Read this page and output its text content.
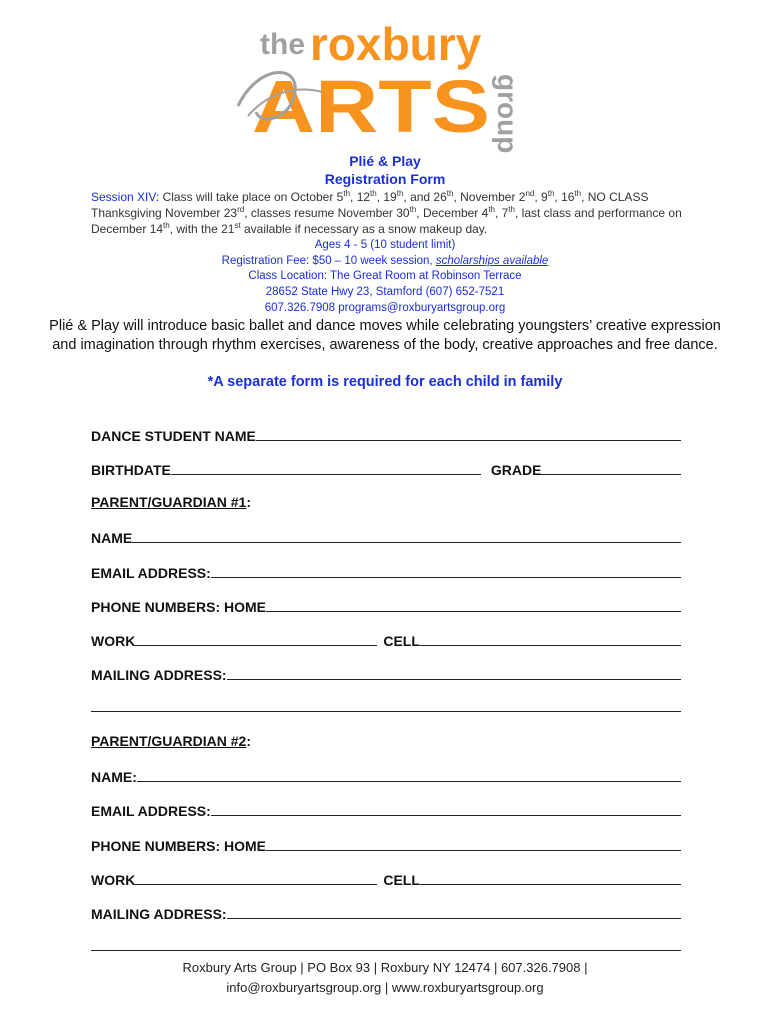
the roxbury
ARTS group
Plié & Play
Registration Form
Session XIV: Class will take place on October 5th, 12th, 19th, and 26th, November 2nd, 9th, 16th, NO CLASS Thanksgiving November 23rd, classes resume November 30th, December 4th, 7th, last class and performance on December 14th, with the 21st available if necessary as a snow makeup day.
Ages 4 - 5 (10 student limit)
Registration Fee: $50 – 10 week session, scholarships available
Class Location: The Great Room at Robinson Terrace
28652 State Hwy 23, Stamford (607) 652-7521
607.326.7908 programs@roxburyartsgroup.org
Plié & Play will introduce basic ballet and dance moves while celebrating youngsters’ creative expression and imagination through rhythm exercises, awareness of the body, creative approaches and free dance.
*A separate form is required for each child in family
DANCE STUDENT NAME
BIRTHDATE	GRADE
PARENT/GUARDIAN #1:
NAME
EMAIL ADDRESS:
PHONE NUMBERS: HOME
WORK	CELL
MAILING ADDRESS:
PARENT/GUARDIAN #2:
NAME:
EMAIL ADDRESS:
PHONE NUMBERS: HOME
WORK	CELL
MAILING ADDRESS:
Roxbury Arts Group | PO Box 93 | Roxbury NY 12474 | 607.326.7908 |
info@roxburyartsgroup.org | www.roxburyartsgroup.org
